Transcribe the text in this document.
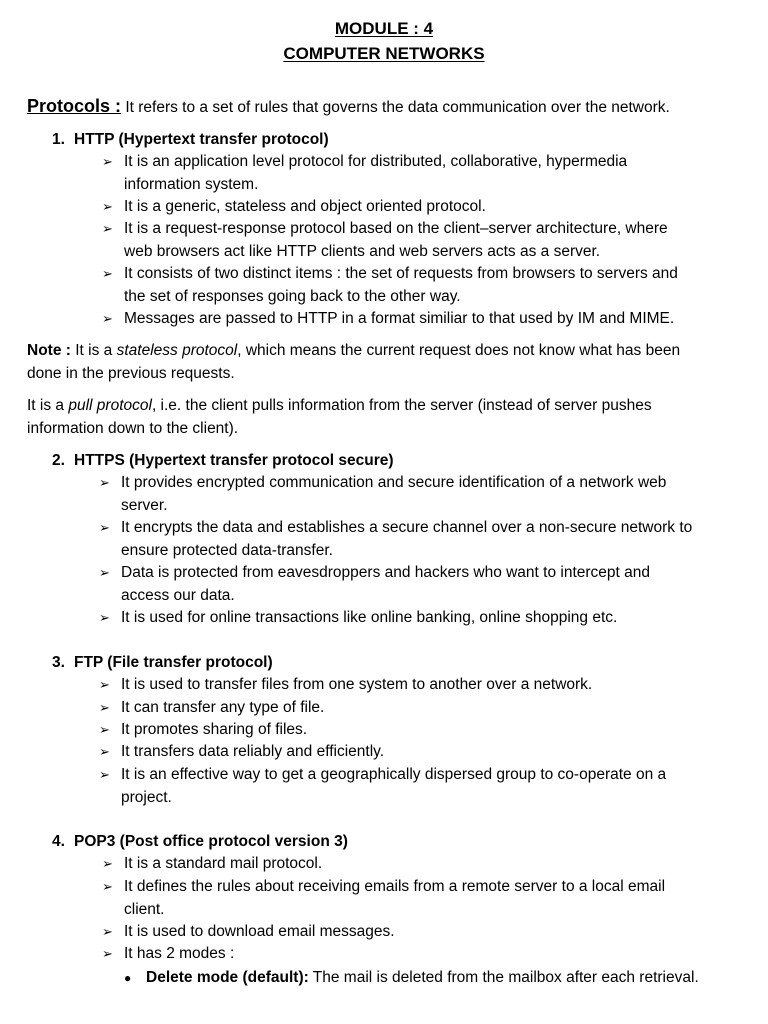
MODULE : 4
COMPUTER NETWORKS
Protocols : It refers to a set of rules that governs the data communication over the network.
1. HTTP (Hypertext transfer protocol)
➢ It is an application level protocol for distributed, collaborative, hypermedia
information system.
➢ It is a generic, stateless and object oriented protocol.
➢ It is a request-response protocol based on the client–server architecture, where
web browsers act like HTTP clients and web servers acts as a server.
➢ It consists of two distinct items : the set of requests from browsers to servers and
the set of responses going back to the other way.
➢ Messages are passed to HTTP in a format similiar to that used by IM and MIME.
Note : It is a stateless protocol, which means the current request does not know what has been
done in the previous requests.
It is a pull protocol, i.e. the client pulls information from the server (instead of server pushes
information down to the client).
2. HTTPS (Hypertext transfer protocol secure)
➢ It provides encrypted communication and secure identification of a network web
server.
➢ It encrypts the data and establishes a secure channel over a non-secure network to
ensure protected data-transfer.
➢ Data is protected from eavesdroppers and hackers who want to intercept and
access our data.
➢ It is used for online transactions like online banking, online shopping etc.
3. FTP (File transfer protocol)
➢ It is used to transfer files from one system to another over a network.
➢ It can transfer any type of file.
➢ It promotes sharing of files.
➢ It transfers data reliably and efficiently.
➢ It is an effective way to get a geographically dispersed group to co-operate on a
project.
4. POP3 (Post office protocol version 3)
➢ It is a standard mail protocol.
➢ It defines the rules about receiving emails from a remote server to a local email
client.
➢ It is used to download email messages.
➢ It has 2 modes :
● Delete mode (default): The mail is deleted from the mailbox after each retrieval.
